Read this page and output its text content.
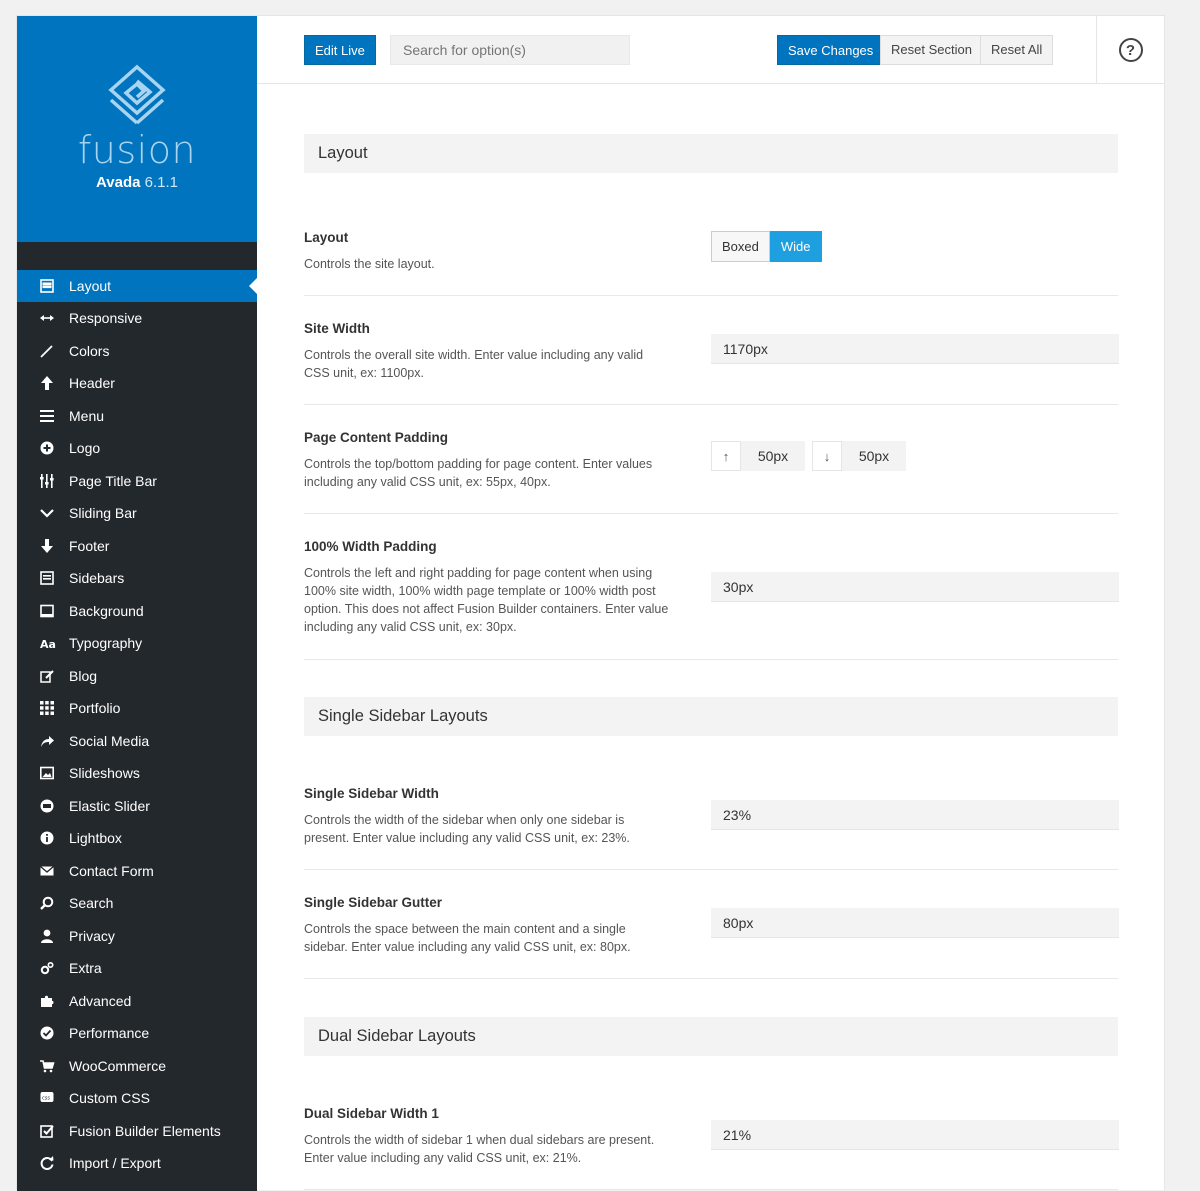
fusion
Avada 6.1.1
Layout
Responsive
Colors
Header
Menu
Logo
Page Title Bar
Sliding Bar
Footer
Sidebars
Background
Aa Typography
Blog
Portfolio
Social Media
Slideshows
Elastic Slider
Lightbox
Contact Form
Search
Privacy
Extra
Advanced
Performance
WooCommerce
css Custom CSS
Fusion Builder Elements
Import / Export
Edit Live
Search for option(s)	Save Changes	Reset Section	Reset All	?
Layout
Layout
Controls the site layout.
Boxed	Wide
Site Width
Controls the overall site width. Enter value including any valid CSS unit, ex: 1100px.
1170px
Page Content Padding
Controls the top/bottom padding for page content. Enter values including any valid CSS unit, ex: 55px, 40px.
↑	50px	↓	50px
100% Width Padding
Controls the left and right padding for page content when using 100% site width, 100% width page template or 100% width post option. This does not affect Fusion Builder containers. Enter value including any valid CSS unit, ex: 30px.
30px
Single Sidebar Layouts
Single Sidebar Width
Controls the width of the sidebar when only one sidebar is present. Enter value including any valid CSS unit, ex: 23%.
23%
Single Sidebar Gutter
Controls the space between the main content and a single sidebar. Enter value including any valid CSS unit, ex: 80px.
80px
Dual Sidebar Layouts
Dual Sidebar Width 1
Controls the width of sidebar 1 when dual sidebars are present. Enter value including any valid CSS unit, ex: 21%.
21%
